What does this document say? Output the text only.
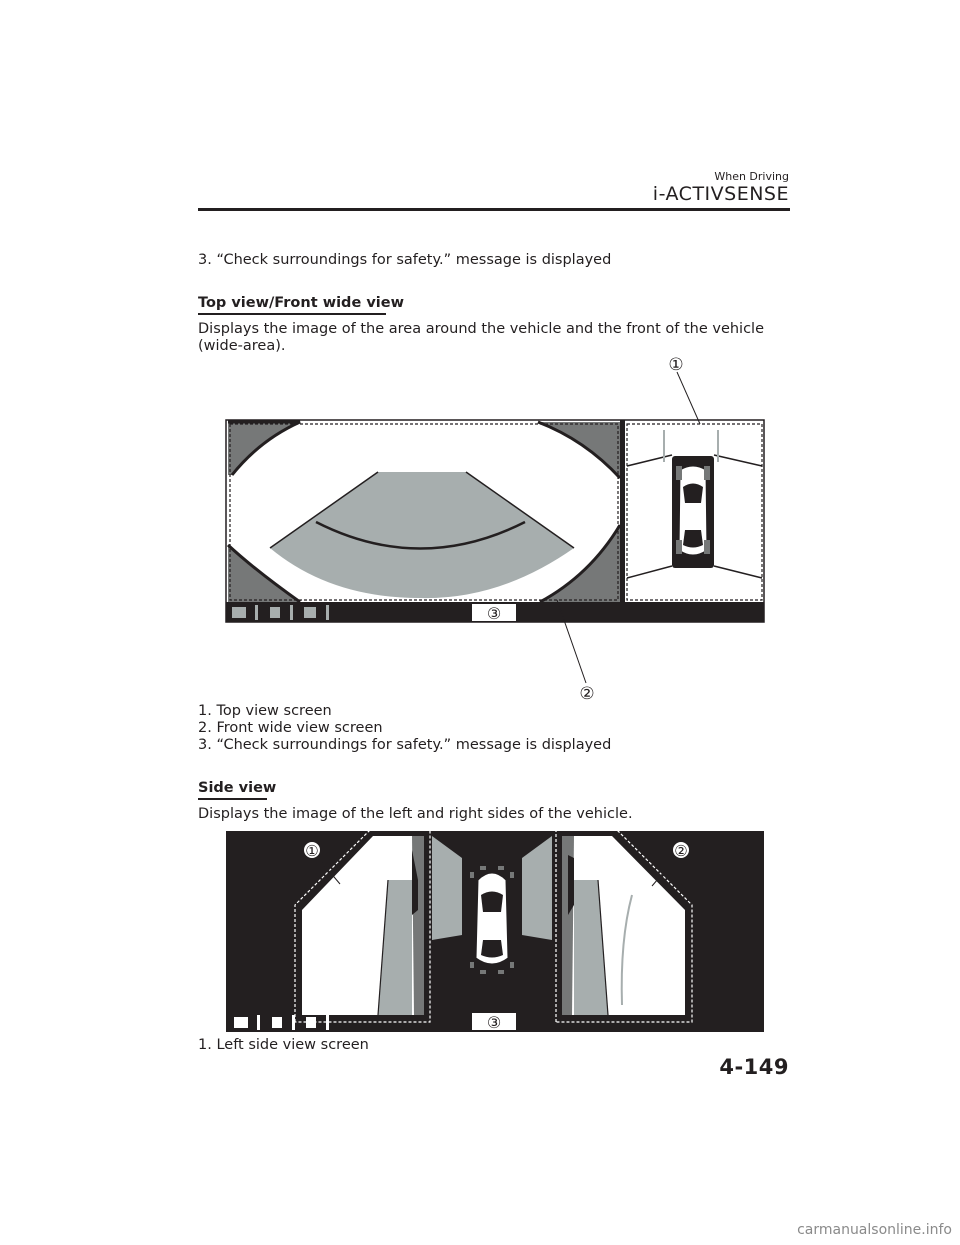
When Driving
i-ACTIVSENSE
3. “Check surroundings for safety.” message is displayed
Top view/Front wide view
Displays the image of the area around the vehicle and the front of the vehicle
(wide-area).
①
②
③
1. Top view screen
2. Front wide view screen
3. “Check surroundings for safety.” message is displayed
Side view
Displays the image of the left and right sides of the vehicle.
①	②
③
1. Left side view screen
4-149
carmanualsonline.info
